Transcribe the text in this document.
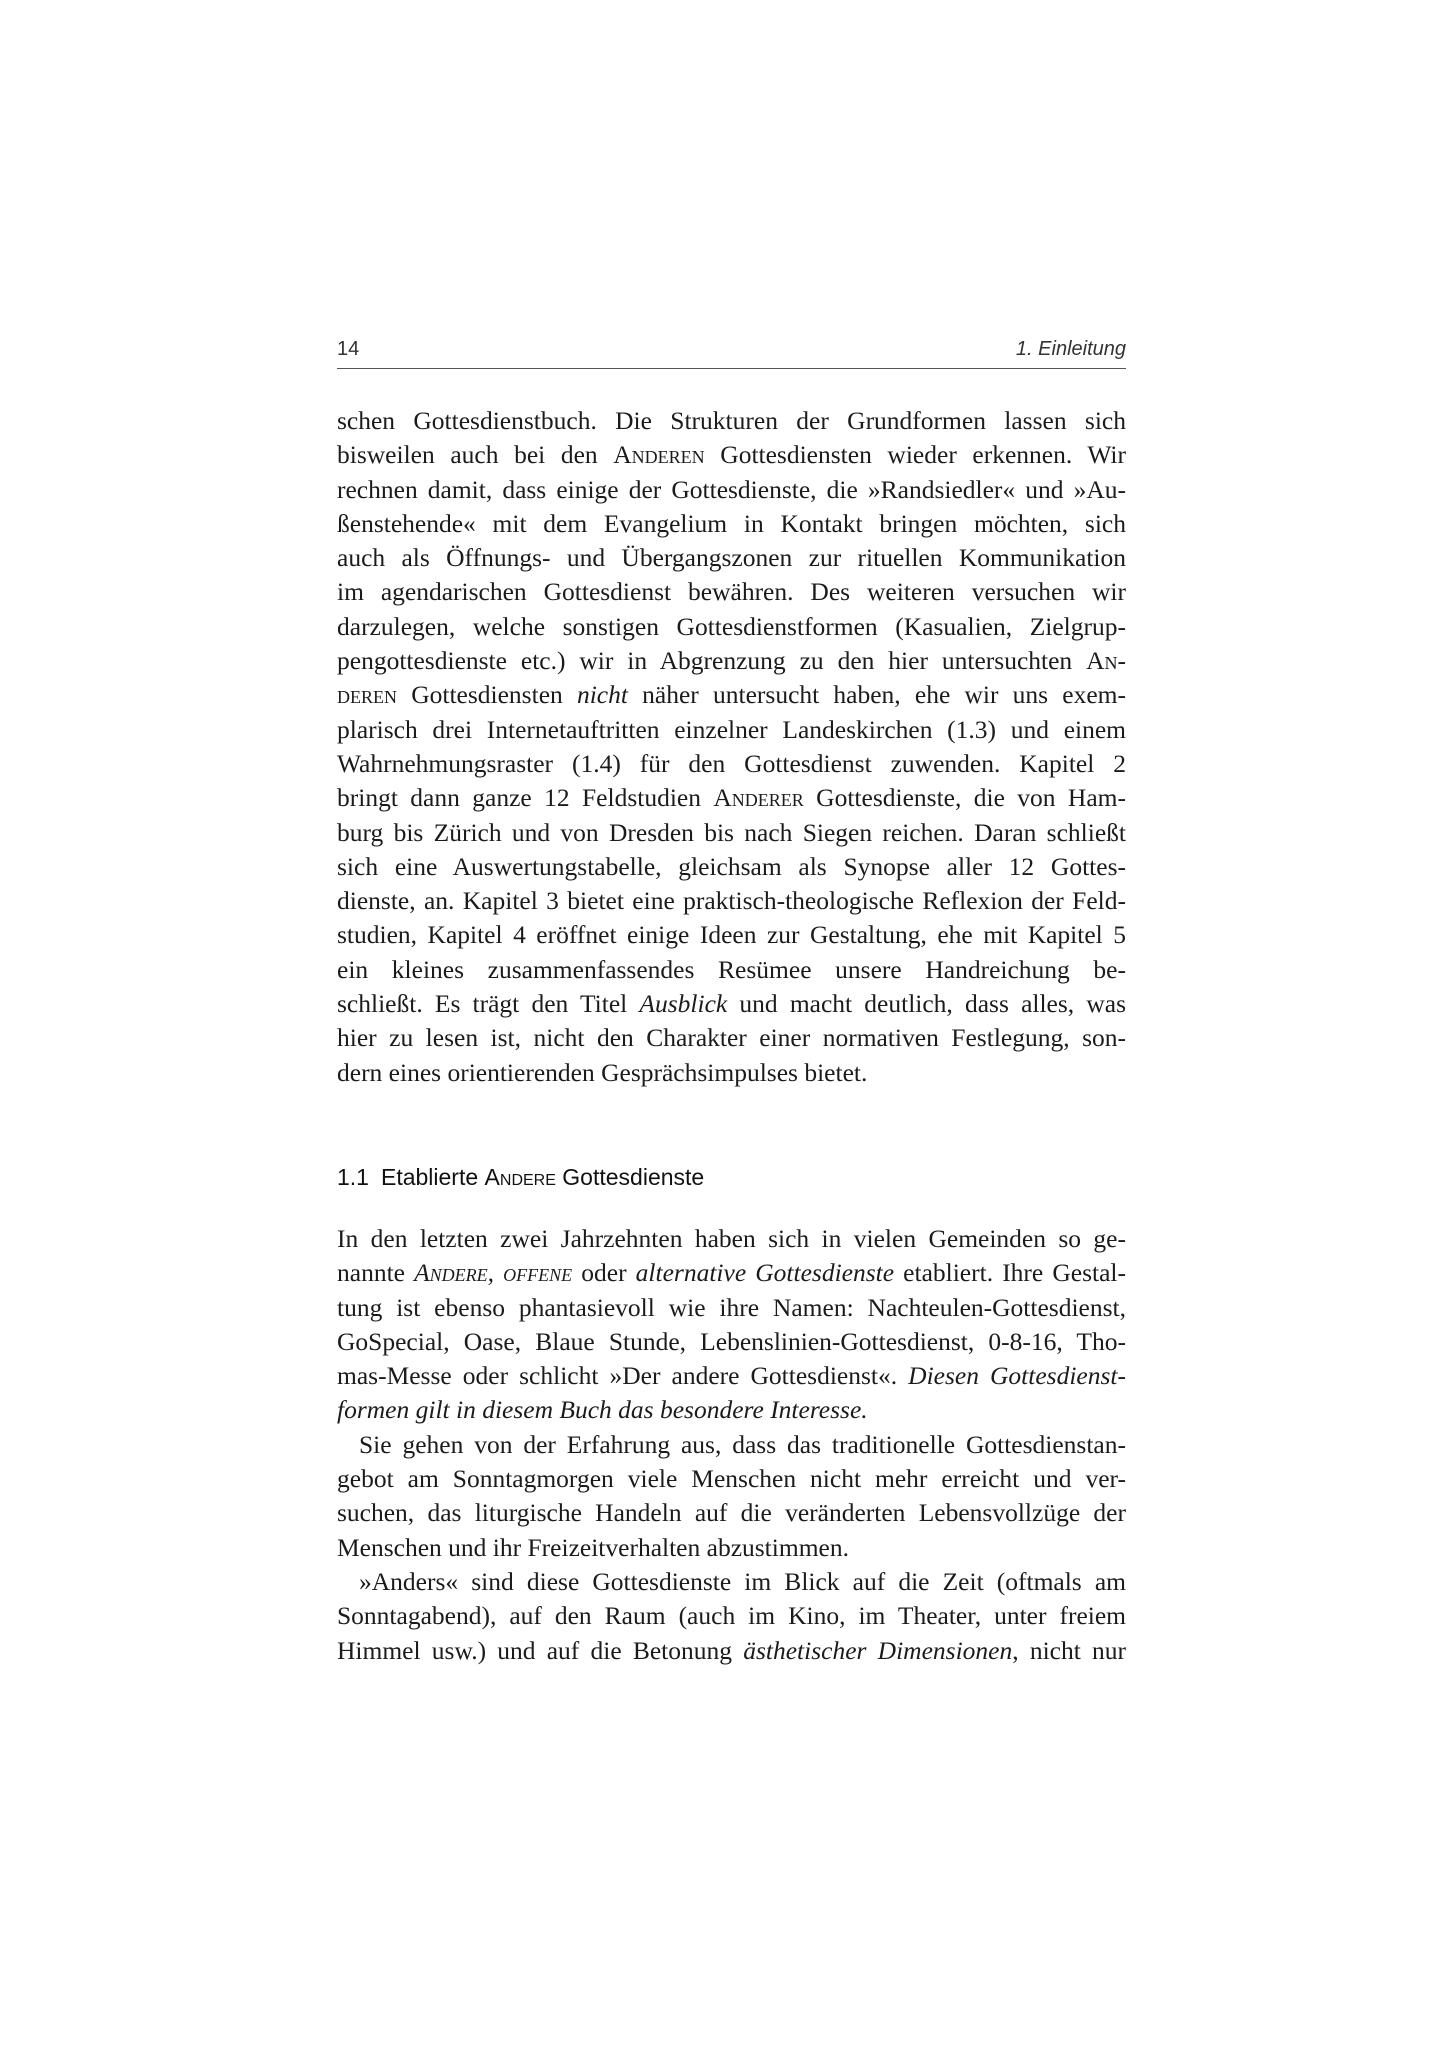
14	1. Einleitung
schen Gottesdienstbuch. Die Strukturen der Grundformen lassen sich
bisweilen auch bei den Anderen Gottesdiensten wieder erkennen. Wir
rechnen damit, dass einige der Gottesdienste, die »Randsiedler« und »Au-
ßenstehende« mit dem Evangelium in Kontakt bringen möchten, sich
auch als Öffnungs- und Übergangszonen zur rituellen Kommunikation
im agendarischen Gottesdienst bewähren. Des weiteren versuchen wir
darzulegen, welche sonstigen Gottesdienstformen (Kasualien, Zielgrup-
pengottesdienste etc.) wir in Abgrenzung zu den hier untersuchten An-
deren Gottesdiensten nicht näher untersucht haben, ehe wir uns exem-
plarisch drei Internetauftritten einzelner Landeskirchen (1.3) und einem
Wahrnehmungsraster (1.4) für den Gottesdienst zuwenden. Kapitel 2
bringt dann ganze 12 Feldstudien Anderer Gottesdienste, die von Ham-
burg bis Zürich und von Dresden bis nach Siegen reichen. Daran schließt
sich eine Auswertungstabelle, gleichsam als Synopse aller 12 Gottes-
dienste, an. Kapitel 3 bietet eine praktisch-theologische Reflexion der Feld-
studien, Kapitel 4 eröffnet einige Ideen zur Gestaltung, ehe mit Kapitel 5
ein kleines zusammenfassendes Resümee unsere Handreichung be-
schließt. Es trägt den Titel Ausblick und macht deutlich, dass alles, was
hier zu lesen ist, nicht den Charakter einer normativen Festlegung, son-
dern eines orientierenden Gesprächsimpulses bietet.
1.1 Etablierte Andere Gottesdienste
In den letzten zwei Jahrzehnten haben sich in vielen Gemeinden so ge-
nannte Andere, offene oder alternative Gottesdienste etabliert. Ihre Gestal-
tung ist ebenso phantasievoll wie ihre Namen: Nachteulen-Gottesdienst,
GoSpecial, Oase, Blaue Stunde, Lebenslinien-Gottesdienst, 0-8-16, Tho-
mas-Messe oder schlicht »Der andere Gottesdienst«. Diesen Gottesdienst-
formen gilt in diesem Buch das besondere Interesse.
Sie gehen von der Erfahrung aus, dass das traditionelle Gottesdienstan-
gebot am Sonntagmorgen viele Menschen nicht mehr erreicht und ver-
suchen, das liturgische Handeln auf die veränderten Lebensvollzüge der
Menschen und ihr Freizeitverhalten abzustimmen.
»Anders« sind diese Gottesdienste im Blick auf die Zeit (oftmals am
Sonntagabend), auf den Raum (auch im Kino, im Theater, unter freiem
Himmel usw.) und auf die Betonung ästhetischer Dimensionen, nicht nur
